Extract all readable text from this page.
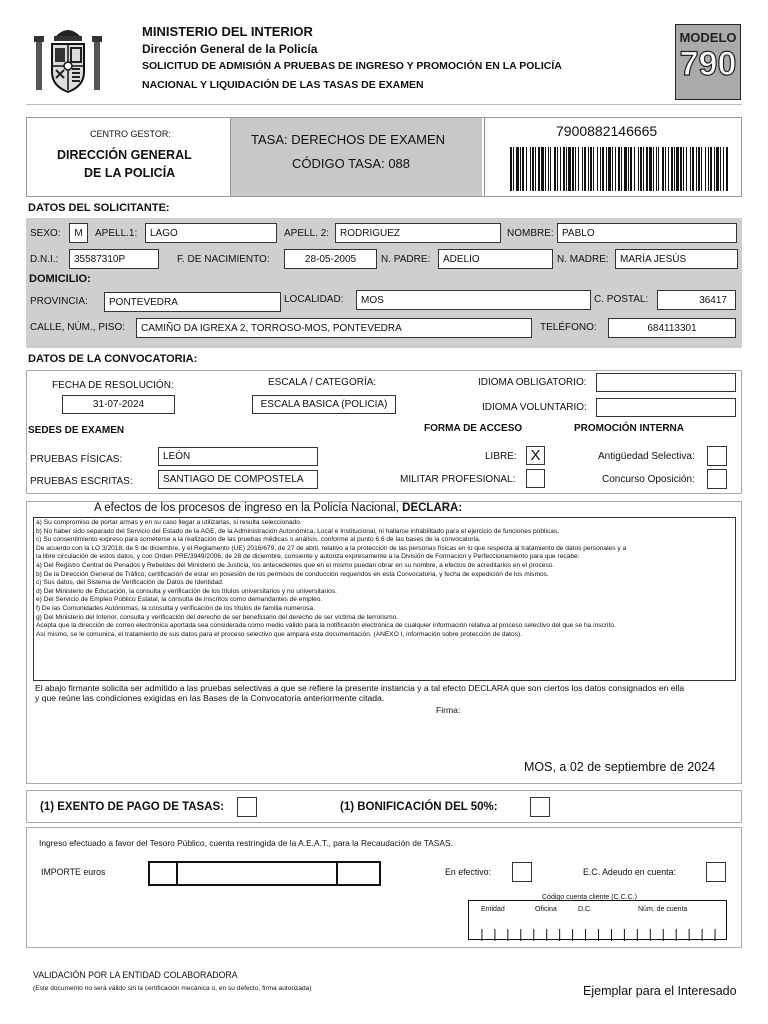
MINISTERIO DEL INTERIOR
Dirección General de la Policía
SOLICITUD DE ADMISIÓN A PRUEBAS DE INGRESO Y PROMOCIÓN EN LA POLICÍA
NACIONAL Y LIQUIDACIÓN DE LAS TASAS DE EXAMEN
MODELO
790
CENTRO GESTOR:
DIRECCIÓN GENERAL
DE LA POLICÍA
TASA: DERECHOS DE EXAMEN
CÓDIGO TASA: 088
7900882146665
DATOS DEL SOLICITANTE:
SEXO:	M	APELL.1:	LAGO	APELL. 2:	RODRIGUEZ	NOMBRE: PABLO
D.N.I.:	35587310P	F. DE NACIMIENTO:	28-05-2005	N. PADRE:	ADELIO	N. MADRE:	MARÍA JESÚS
DOMICILIO:
PROVINCIA:	PONTEVEDRA	LOCALIDAD:	MOS	C. POSTAL:	36417
CALLE, NÚM., PISO:	CAMIÑO DA IGREXA 2, TORROSO-MOS, PONTEVEDRA	TELÉFONO:	684113301
DATOS DE LA CONVOCATORIA:
FECHA DE RESOLUCIÓN:
31-07-2024
ESCALA / CATEGORÍA:
ESCALA BASICA (POLICIA)
IDIOMA OBLIGATORIO:
IDIOMA VOLUNTARIO:
SEDES DE EXAMEN	FORMA DE ACCESO	PROMOCIÓN INTERNA
PRUEBAS FÍSICAS:	LEÓN
PRUEBAS ESCRITAS:	SANTIAGO DE COMPOSTELA
LIBRE: X
MILITAR PROFESIONAL:
Antigüedad Selectiva:
Concurso Oposición:
A efectos de los procesos de ingreso en la Policía Nacional, DECLARA:
a) Su compromiso de portar armas y en su caso llegar a utilizarlas, si resulta seleccionado.
b) No haber sido separado del Servicio del Estado de la AGE, de la Administración Autonómica, Local e Institucional, ni hallarse inhabilitado para el ejercicio de funciones públicas.
c) Su consentimiento expreso para someterse a la realización de las pruebas médicas o análisis, conforme al punto 6.6 de las bases de la convocatoria.
De acuerdo con la LO 3/2018, de 5 de diciembre, y el Reglamento (UE) 2016/679, de 27 de abril, relativo a la protección de las personas físicas en lo que respecta al tratamiento de datos personales y a
la libre circulación de estos datos, y con Orden PRE/3949/2006, de 28 de diciembre, consiente y autoriza expresamente a la División de Formación y Perfeccionamiento para que recabe:
a) Del Registro Central de Penados y Rebeldes del Ministerio de Justicia, los antecedentes que en el mismo puedan obrar en su nombre, a efectos de acreditarlos en el proceso.
b) De la Dirección General de Tráfico, certificación de estar en posesión de los permisos de conducción requeridos en esta Convocatoria, y fecha de expedición de los mismos.
c) Sus datos, del Sistema de Verificación de Datos de Identidad.
d) Del Ministerio de Educación, la consulta y verificación de los títulos universitarios y no universitarios.
e) Del Servicio de Empleo Público Estatal, la consulta de inscritos como demandantes de empleo.
f) De las Comunidades Autónomas, la consulta y verificación de los títulos de familia numerosa.
g) Del Ministerio del Interior, consulta y verificación del derecho de ser beneficiario del derecho de ser víctima de terrorismo.
Acepta que la dirección de correo electrónica aportada sea considerada como medio válido para la notificación electrónica de cualquier información relativa al proceso selectivo del que se ha inscrito.
Así mismo, se le comunica, el tratamiento de sus datos para el proceso selectivo que ampara esta documentación. (ANEXO I, información sobre protección de datos).
El abajo firmante solicita ser admitido a las pruebas selectivas a que se refiere la presente instancia y a tal efecto DECLARA que son ciertos los datos consignados en ella
y que reúne las condiciones exigidas en las Bases de la Convocatoria anteriormente citada.
Firma:
MOS, a 02 de septiembre de 2024
(1) EXENTO DE PAGO DE TASAS:	(1) BONIFICACIÓN DEL 50%:
Ingreso efectuado a favor del Tesoro Público, cuenta restringida de la A.E.A.T., para la Recaudación de TASAS.
IMPORTE euros	En efectivo:	E.C. Adeudo en cuenta:
Código cuenta cliente (C.C.C.)
Entidad	Oficina	D.C.	Núm. de cuenta
VALIDACIÓN POR LA ENTIDAD COLABORADORA
(Este documento no será válido sin la certificación mecánica o, en su defecto, firma autorizada)	Ejemplar para el Interesado
